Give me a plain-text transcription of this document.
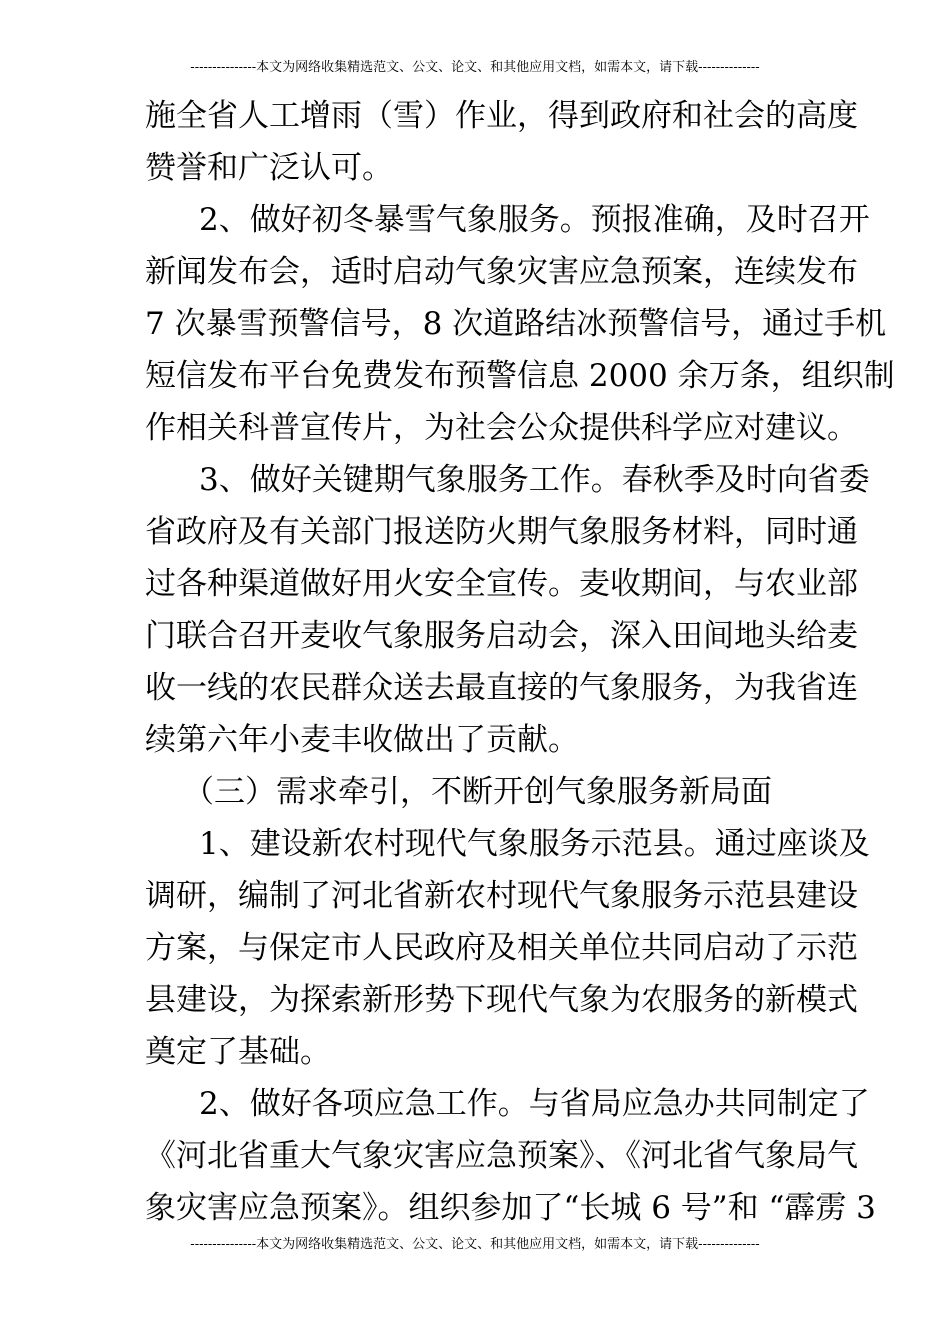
---------------本文为网络收集精选范文、公文、论文、和其他应用文档，如需本文，请下载--------------
施全省人工增雨（雪）作业，得到政府和社会的高度
赞誉和广泛认可。
2、做好初冬暴雪气象服务。预报准确，及时召开
新闻发布会，适时启动气象灾害应急预案，连续发布
7 次暴雪预警信号，8 次道路结冰预警信号，通过手机
短信发布平台免费发布预警信息 2000 余万条，组织制
作相关科普宣传片，为社会公众提供科学应对建议。
3、做好关键期气象服务工作。春秋季及时向省委
省政府及有关部门报送防火期气象服务材料，同时通
过各种渠道做好用火安全宣传。麦收期间，与农业部
门联合召开麦收气象服务启动会，深入田间地头给麦
收一线的农民群众送去最直接的气象服务，为我省连
续第六年小麦丰收做出了贡献。
（三）需求牵引，不断开创气象服务新局面
1、建设新农村现代气象服务示范县。通过座谈及
调研，编制了河北省新农村现代气象服务示范县建设
方案，与保定市人民政府及相关单位共同启动了示范
县建设，为探索新形势下现代气象为农服务的新模式
奠定了基础。
2、做好各项应急工作。与省局应急办共同制定了
《河北省重大气象灾害应急预案》、《河北省气象局气
象灾害应急预案》。组织参加了“长城 6 号”和 “霹雳 3
---------------本文为网络收集精选范文、公文、论文、和其他应用文档，如需本文，请下载--------------
